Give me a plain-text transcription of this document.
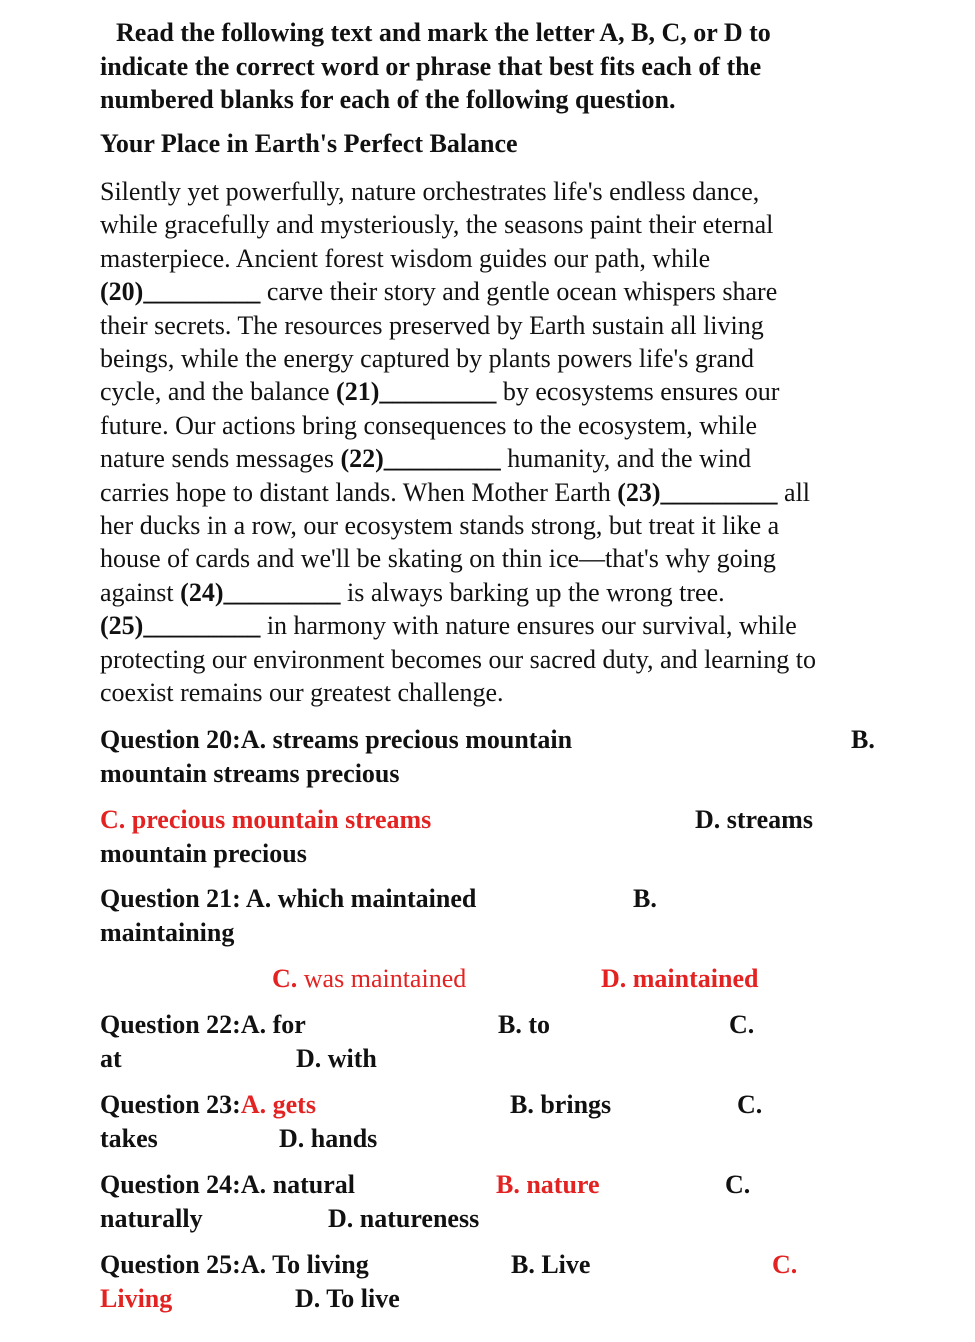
Read the following text and mark the letter A, B, C, or D to
indicate the correct word or phrase that best fits each of the
numbered blanks for each of the following question.
Your Place in Earth's Perfect Balance
Silently yet powerfully, nature orchestrates life's endless dance,
while gracefully and mysteriously, the seasons paint their eternal
masterpiece. Ancient forest wisdom guides our path, while
(20)_________ carve their story and gentle ocean whispers share
their secrets. The resources preserved by Earth sustain all living
beings, while the energy captured by plants powers life's grand
cycle, and the balance (21)_________ by ecosystems ensures our
future. Our actions bring consequences to the ecosystem, while
nature sends messages (22)_________ humanity, and the wind
carries hope to distant lands. When Mother Earth (23)_________ all
her ducks in a row, our ecosystem stands strong, but treat it like a
house of cards and we'll be skating on thin ice—that's why going
against (24)_________ is always barking up the wrong tree.
(25)_________ in harmony with nature ensures our survival, while
protecting our environment becomes our sacred duty, and learning to
coexist remains our greatest challenge.
Question 20:A. streams precious mountain	B.
mountain streams precious
C. precious mountain streams	D. streams
mountain precious
Question 21: A. which maintained	B.
maintaining
C. was maintained	D. maintained
Question 22:A. for	B. to	C.
at	D. with
Question 23:A. gets	B. brings	C.
takes	D. hands
Question 24:A. natural	B. nature	C.
naturally	D. natureness
Question 25:A. To living	B. Live	C.
Living	D. To live
